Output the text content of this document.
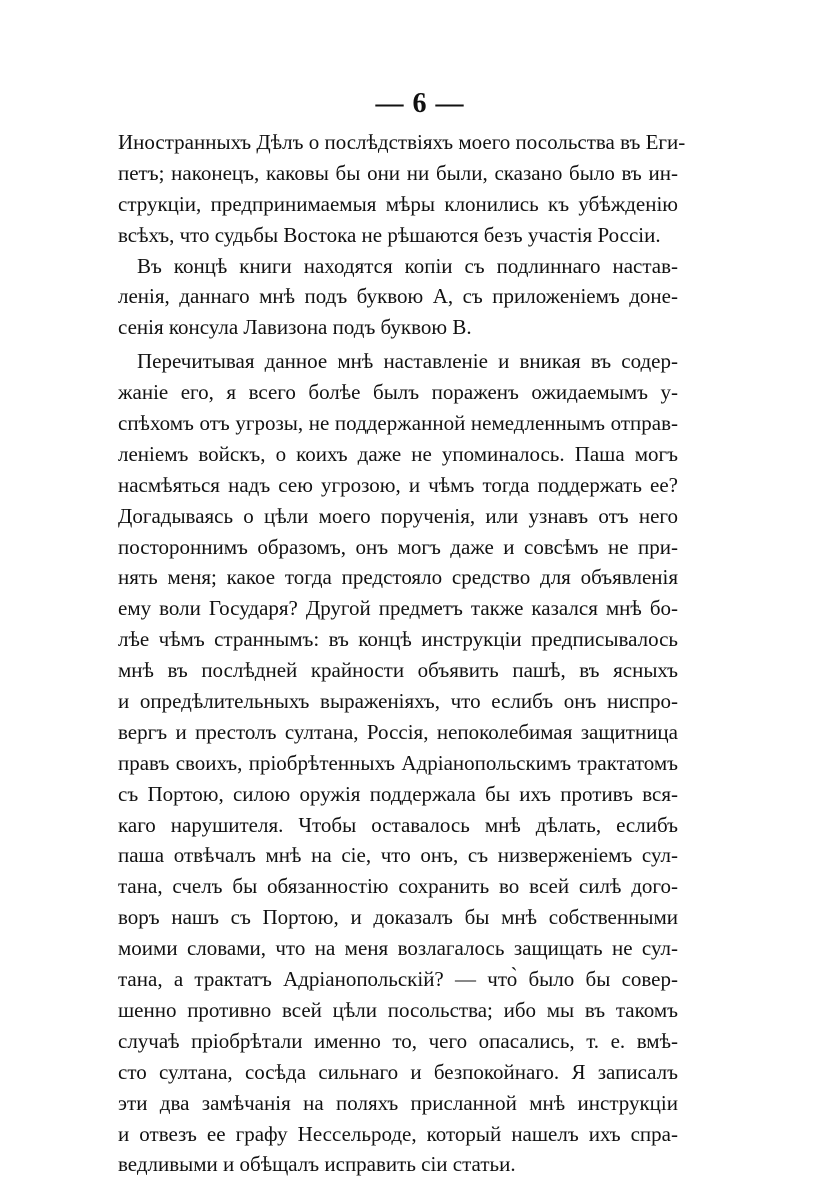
— 6 —
Иностранныхъ Дѣлъ о послѣдствіяхъ моего посольства въ Еги-
петъ; наконецъ, каковы бы они ни были, сказано было въ ин-
струкціи, предпринимаемыя мѣры клонились къ убѣжденію
всѣхъ, что судьбы Востока не рѣшаются безъ участія Россіи.
Въ концѣ книги находятся копіи съ подлиннаго настав-
ленія, даннаго мнѣ подъ буквою А, съ приложеніемъ доне-
сенія консула Лавизона подъ буквою В.
Перечитывая данное мнѣ наставленіе и вникая въ содер-
жаніе его, я всего болѣе былъ пораженъ ожидаемымъ у-
спѣхомъ отъ угрозы, не поддержанной немедленнымъ отправ-
леніемъ войскъ, о коихъ даже не упоминалось. Паша могъ
насмѣяться надъ сею угрозою, и чѣмъ тогда поддержать ее?
Догадываясь о цѣли моего порученія, или узнавъ отъ него
постороннимъ образомъ, онъ могъ даже и совсѣмъ не при-
нять меня; какое тогда предстояло средство для объявленія
ему воли Государя? Другой предметъ также казался мнѣ бо-
лѣе чѣмъ страннымъ: въ концѣ инструкціи предписывалось
мнѣ въ послѣдней крайности объявить пашѣ, въ ясныхъ
и опредѣлительныхъ выраженіяхъ, что еслибъ онъ ниспро-
вергъ и престолъ султана, Россія, непоколебимая защитница
правъ своихъ, пріобрѣтенныхъ Адріанопольскимъ трактатомъ
съ Портою, силою оружія поддержала бы ихъ противъ вся-
каго нарушителя. Чтобы оставалось мнѣ дѣлать, еслибъ
паша отвѣчалъ мнѣ на сіе, что онъ, съ низверженіемъ сул-
тана, счелъ бы обязанностію сохранить во всей силѣ дого-
воръ нашъ съ Портою, и доказалъ бы мнѣ собственными
моими словами, что на меня возлагалось защищать не сул-
тана, а трактатъ Адріанопольскій? — что̀ было бы совер-
шенно противно всей цѣли посольства; ибо мы въ такомъ
случаѣ пріобрѣтали именно то, чего опасались, т. е. вмѣ-
сто султана, сосѣда сильнаго и безпокойнаго. Я записалъ
эти два замѣчанія на поляхъ присланной мнѣ инструкціи
и отвезъ ее графу Нессельроде, который нашелъ ихъ спра-
ведливыми и обѣщалъ исправить сіи статьи.
